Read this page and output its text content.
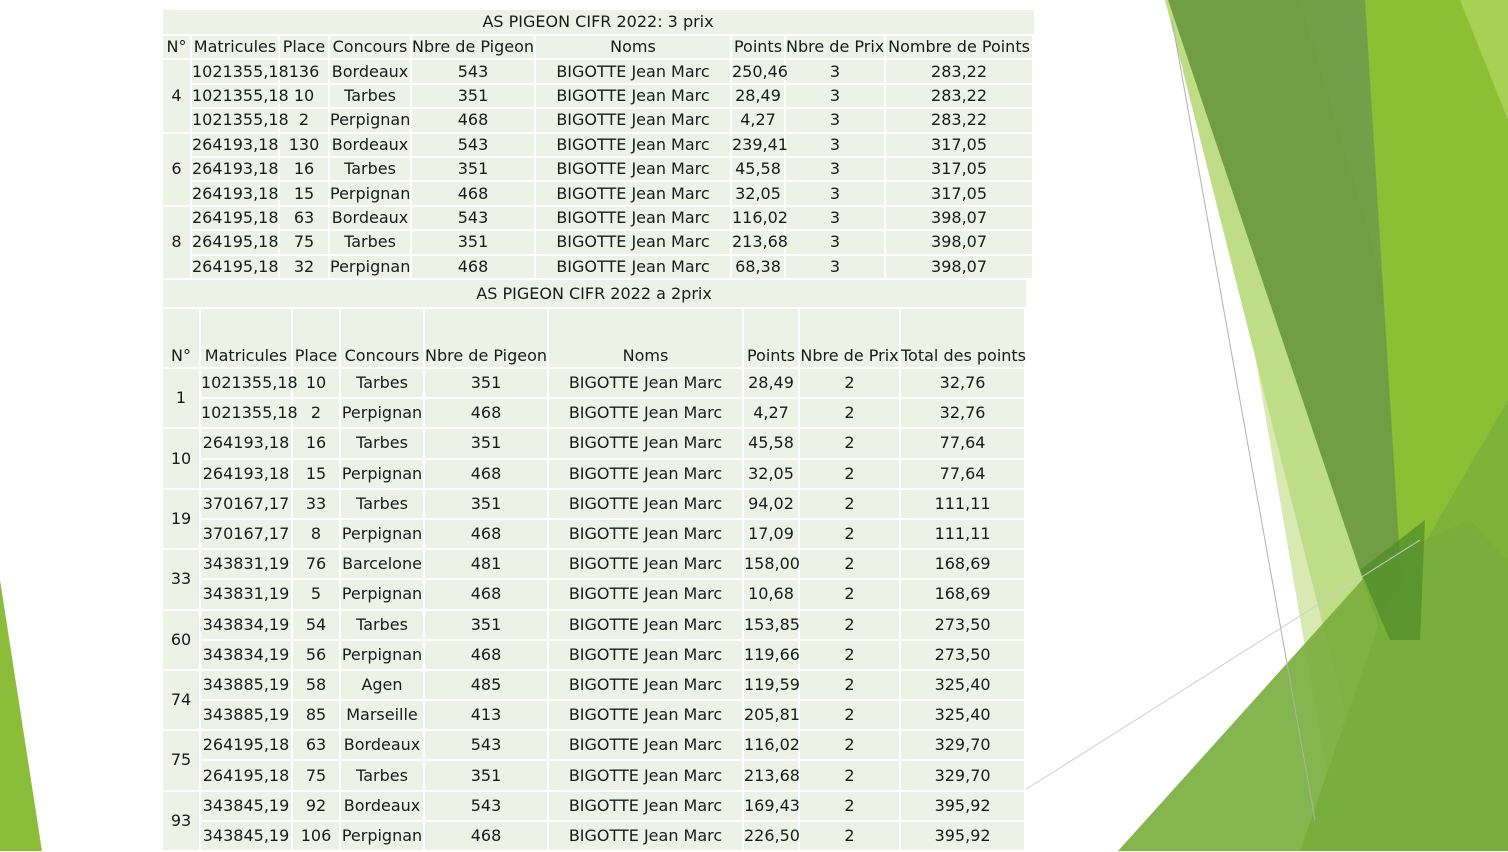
AS PIGEON CIFR 2022: 3 prix								
N°	Matricules	Place	Concours	Nbre de Pigeon	Noms	Points	Nbre de Prix	Nombre de Points
4	1021355,18	136	Bordeaux	543	BIGOTTE Jean Marc	250,46	3	283,22
	1021355,18	10	Tarbes	351	BIGOTTE Jean Marc	28,49	3	283,22
	1021355,18	2	Perpignan	468	BIGOTTE Jean Marc	4,27	3	283,22
6	264193,18	130	Bordeaux	543	BIGOTTE Jean Marc	239,41	3	317,05
	264193,18	16	Tarbes	351	BIGOTTE Jean Marc	45,58	3	317,05
	264193,18	15	Perpignan	468	BIGOTTE Jean Marc	32,05	3	317,05
8	264195,18	63	Bordeaux	543	BIGOTTE Jean Marc	116,02	3	398,07
	264195,18	75	Tarbes	351	BIGOTTE Jean Marc	213,68	3	398,07
	264195,18	32	Perpignan	468	BIGOTTE Jean Marc	68,38	3	398,07
AS PIGEON CIFR 2022 a 2prix								
N°	Matricules	Place	Concours	Nbre de Pigeon	Noms	Points	Nbre de Prix	Total des points
1	1021355,18	10	Tarbes	351	BIGOTTE Jean Marc	28,49	2	32,76
	1021355,18	2	Perpignan	468	BIGOTTE Jean Marc	4,27	2	32,76
10	264193,18	16	Tarbes	351	BIGOTTE Jean Marc	45,58	2	77,64
	264193,18	15	Perpignan	468	BIGOTTE Jean Marc	32,05	2	77,64
19	370167,17	33	Tarbes	351	BIGOTTE Jean Marc	94,02	2	111,11
	370167,17	8	Perpignan	468	BIGOTTE Jean Marc	17,09	2	111,11
33	343831,19	76	Barcelone	481	BIGOTTE Jean Marc	158,00	2	168,69
	343831,19	5	Perpignan	468	BIGOTTE Jean Marc	10,68	2	168,69
60	343834,19	54	Tarbes	351	BIGOTTE Jean Marc	153,85	2	273,50
	343834,19	56	Perpignan	468	BIGOTTE Jean Marc	119,66	2	273,50
74	343885,19	58	Agen	485	BIGOTTE Jean Marc	119,59	2	325,40
	343885,19	85	Marseille	413	BIGOTTE Jean Marc	205,81	2	325,40
75	264195,18	63	Bordeaux	543	BIGOTTE Jean Marc	116,02	2	329,70
	264195,18	75	Tarbes	351	BIGOTTE Jean Marc	213,68	2	329,70
93	343845,19	92	Bordeaux	543	BIGOTTE Jean Marc	169,43	2	395,92
	343845,19	106	Perpignan	468	BIGOTTE Jean Marc	226,50	2	395,92
